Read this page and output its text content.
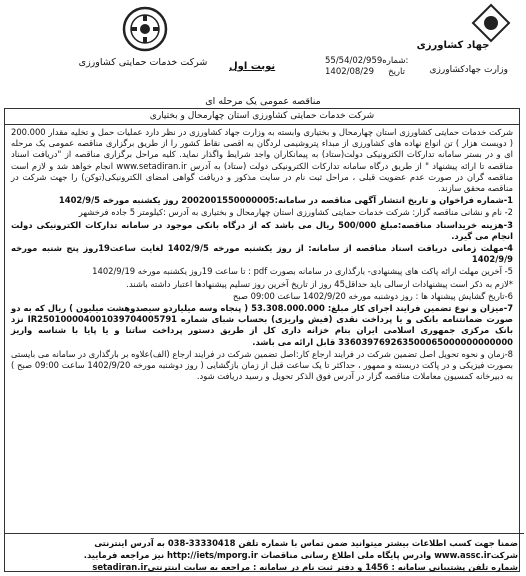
شرکت خدمات حمایتی کشاورزی
جهاد کشاورزی
وزارت جهادکشاورزی
55/54/02/959 شماره:
1402/08/29 تاریخ
نوبت اول
مناقصه عمومی یک مرحله ای
شرکت خدمات حمایتی کشاورزی استان چهارمحال و بختیاری

شرکت خدمات حمایتی کشاورزی استان چهارمحال و بختیاری وابسته به وزارت جهاد کشاورزی در نظر دارد عملیات حمل و تخلیه مقدار 200.000 ( دویست هزار ) تن انواع نهاده های کشاورزی از مبداء پتروشیمی لردگان به اقصی نقاط کشور را از طریق برگزاری مناقصه عمومی یک مرحله ای و در بستر سامانه تدارکات الکترونیکی دولت(ستاد) به پیمانکاران واجد شرایط واگذار نماید. کلیه مراحل برگزاری مناقصه از "دریافت اسناد مناقصه تا ارائه پیشنهاد " از طریق درگاه سامانه تدارکات الکترونیکی دولت (ستاد) به آدرس www.setadiran.ir انجام خواهد شد و لازم است مناقصه گران در صورت عدم عضویت قبلی ، مراحل ثبت نام در سایت مذکور و دریافت گواهی امضای الکترونیکی(توکن) را جهت شرکت در مناقصه محقق سازند.

1-شماره فراخوان و تاریخ انتشار آگهی مناقصه در سامانه:2002001550000005 روز یکشنبه مورخه 1402/9/5

2- نام و نشانی مناقصه گزار: شرکت خدمات حمایتی کشاورزی استان چهارمحال و بختیاری به آدرس :کیلومتر 5 جاده فرخشهر

3-هزینه خریداسناد مناقصه:مبلغ 500/000 ریال می باشد که از درگاه بانکی موجود در سامانه تدارکات الکترونیکی دولت انجام می گیرد.

4-مهلت زمانی دریافت اسناد مناقصه از سامانه: از روز یکشنبه مورخه 1402/9/5 لغایت ساعت19روز پنج شنبه مورخه 1402/9/9

5- آخرین مهلت ارائه پاکت های پیشنهادی- بارگذاری در سامانه بصورت pdf : تا ساعت 19روز یکشنبه مورخه 1402/9/19

*لازم به ذکر است پیشنهادات ارسالی باید حداقل45 روز از تاریخ آخرین روز تسلیم پیشنهادها اعتبار داشته باشند.

6-تاریخ گشایش پیشنهاد ها : روز دوشنبه مورخه 1402/9/20 ساعت 09:00 صبح

7-میزان و نوع تضمین فرایند اجرای کار مبلغ: 53.308.000.000 ( پنجاه وسه میلیاردو سیصدوهشت میلیون ) ریال که به دو صورت ضمانتنامه بانکی و یا پرداخت نقدی (فیش واریزی) بحساب شبای شماره IR250100004001039704005791 نزد بانک مرکزی جمهوری اسلامی ایران بنام خزانه داری کل از طریق دستور پرداخت ساتنا و یا پایا با شناسه واریز 336039769263500065000000000000 قابل ارائه می باشد.

8-زمان و نحوه تحویل اصل تضمین شرکت در فرایند ارجاع کار:اصل تضمین شرکت در فرایند ارجاع (الف)علاوه بر بارگذاری در سامانه می بایستی بصورت فیزیکی و در پاکت دربسته و ممهور ، حداکثر تا یک ساعت قبل از زمان بازگشایی ( روز دوشنبه مورخه 1402/9/20 ساعت 09:00 صبح ) به دبیرخانه کمسیون معاملات مناقصه گزار در آدرس فوق الذکر تحویل و رسید دریافت شود.

ضمنا جهت کسب اطلاعات بیشتر میتوانید ضمن تماس با شماره تلفن 33330418-038 به آدرس اینترنتی شرکتwww.assc.ir وادرس پایگاه ملی اطلاع رسانی مناقصات http://iets/mporg.ir نیز مراجعه فرمایید.
شماره تلفن پشتیبانی سامانه : 1456 و دفتر ثبت نام در سامانه : مراجعه به سایت اینترنتیsetadiran.ir
